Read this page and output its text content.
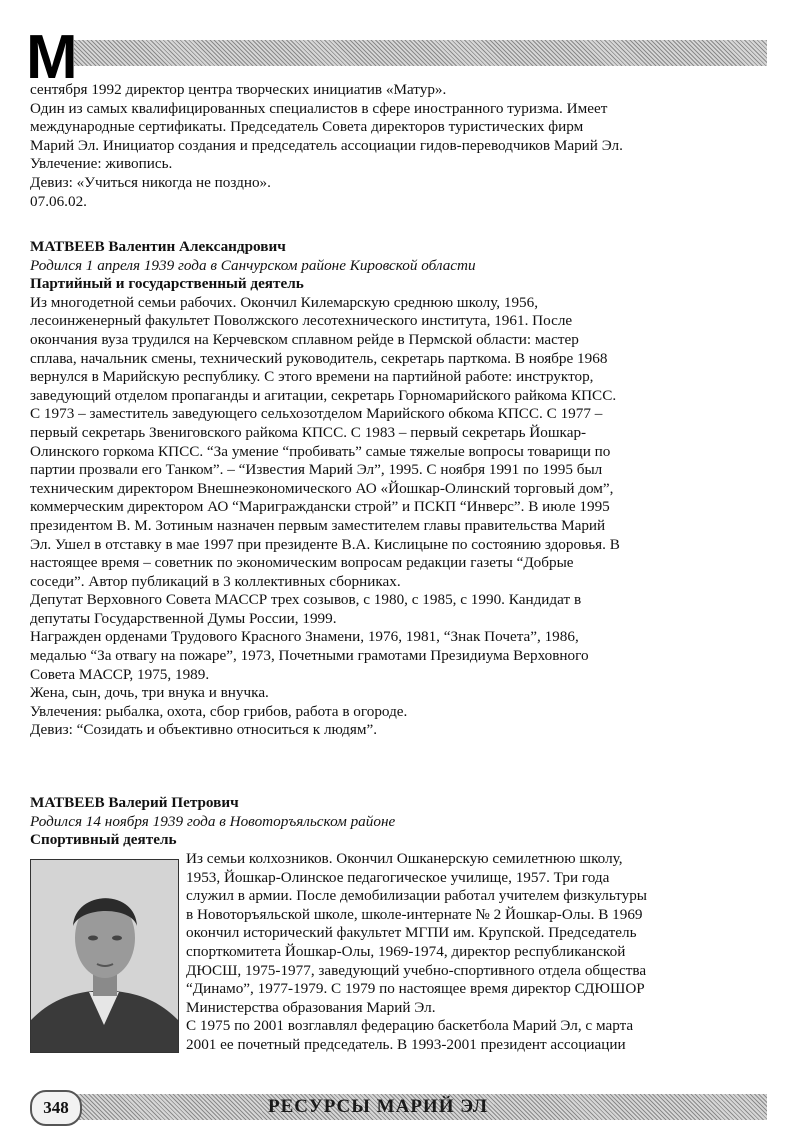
М
сентября 1992 директор центра творческих инициатив «Матур».
Один из самых квалифицированных специалистов в сфере иностранного туризма. Имеет
международные сертификаты. Председатель Совета директоров туристических фирм
Марий Эл. Инициатор создания и председатель ассоциации гидов-переводчиков Марий Эл.
Увлечение: живопись.
Девиз: «Учиться никогда не поздно».
07.06.02.
МАТВЕЕВ Валентин Александрович
Родился 1 апреля 1939 года в Санчурском районе Кировской области
Партийный и государственный деятель
Из многодетной семьи рабочих. Окончил Килемарскую среднюю школу, 1956,
лесоинженерный факультет Поволжского лесотехнического института, 1961. После
окончания вуза трудился на Керчевском сплавном рейде в Пермской области: мастер
сплава, начальник смены, технический руководитель, секретарь парткома. В ноябре 1968
вернулся в Марийскую республику. С этого времени на партийной работе: инструктор,
заведующий отделом пропаганды и агитации, секретарь Горномарийского райкома КПСС.
С 1973 – заместитель заведующего сельхозотделом Марийского обкома КПСС. С 1977 –
первый секретарь Звениговского райкома КПСС. С 1983 – первый секретарь Йошкар-
Олинского горкома КПСС. “За умение “пробивать” самые тяжелые вопросы товарищи по
партии прозвали его Танком”. – “Известия Марий Эл”, 1995. С ноября 1991 по 1995 был
техническим директором Внешнеэкономического АО «Йошкар-Олинский торговый дом”,
коммерческим директором АО “Мариграждански строй” и ПСКП “Инверс”. В июле 1995
президентом В. М. Зотиным назначен первым заместителем главы правительства Марий
Эл. Ушел в отставку в мае 1997 при президенте В.А. Кислицыне по состоянию здоровья. В
настоящее время – советник по экономическим вопросам редакции газеты “Добрые
соседи”. Автор публикаций в 3 коллективных сборниках.
Депутат Верховного Совета МАССР трех созывов, с 1980, с 1985, с 1990. Кандидат в
депутаты Государственной Думы России, 1999.
Награжден орденами Трудового Красного Знамени, 1976, 1981, “Знак Почета”, 1986,
медалью “За отвагу на пожаре”, 1973, Почетными грамотами Президиума Верховного
Совета МАССР, 1975, 1989.
Жена, сын, дочь, три внука и внучка.
Увлечения: рыбалка, охота, сбор грибов, работа в огороде.
Девиз: “Созидать и объективно относиться к людям”.
МАТВЕЕВ Валерий Петрович
Родился 14 ноября 1939 года в Новоторъяльском районе
Спортивный деятель
Из семьи колхозников. Окончил Ошканерскую семилетнюю школу,
1953, Йошкар-Олинское педагогическое училище, 1957. Три года
служил в армии. После демобилизации работал учителем физкультуры
в Новоторъяльской школе, школе-интернате № 2 Йошкар-Олы. В 1969
окончил исторический факультет МГПИ им. Крупской. Председатель
спорткомитета Йошкар-Олы, 1969-1974, директор республиканской
ДЮСШ, 1975-1977, заведующий учебно-спортивного отдела общества
“Динамо”, 1977-1979. С 1979 по настоящее время директор СДЮШОР
Министерства образования Марий Эл.
С 1975 по 2001 возглавлял федерацию баскетбола Марий Эл, с марта
2001 ее почетный председатель. В 1993-2001 президент ассоциации
РЕСУРСЫ МАРИЙ ЭЛ
348
